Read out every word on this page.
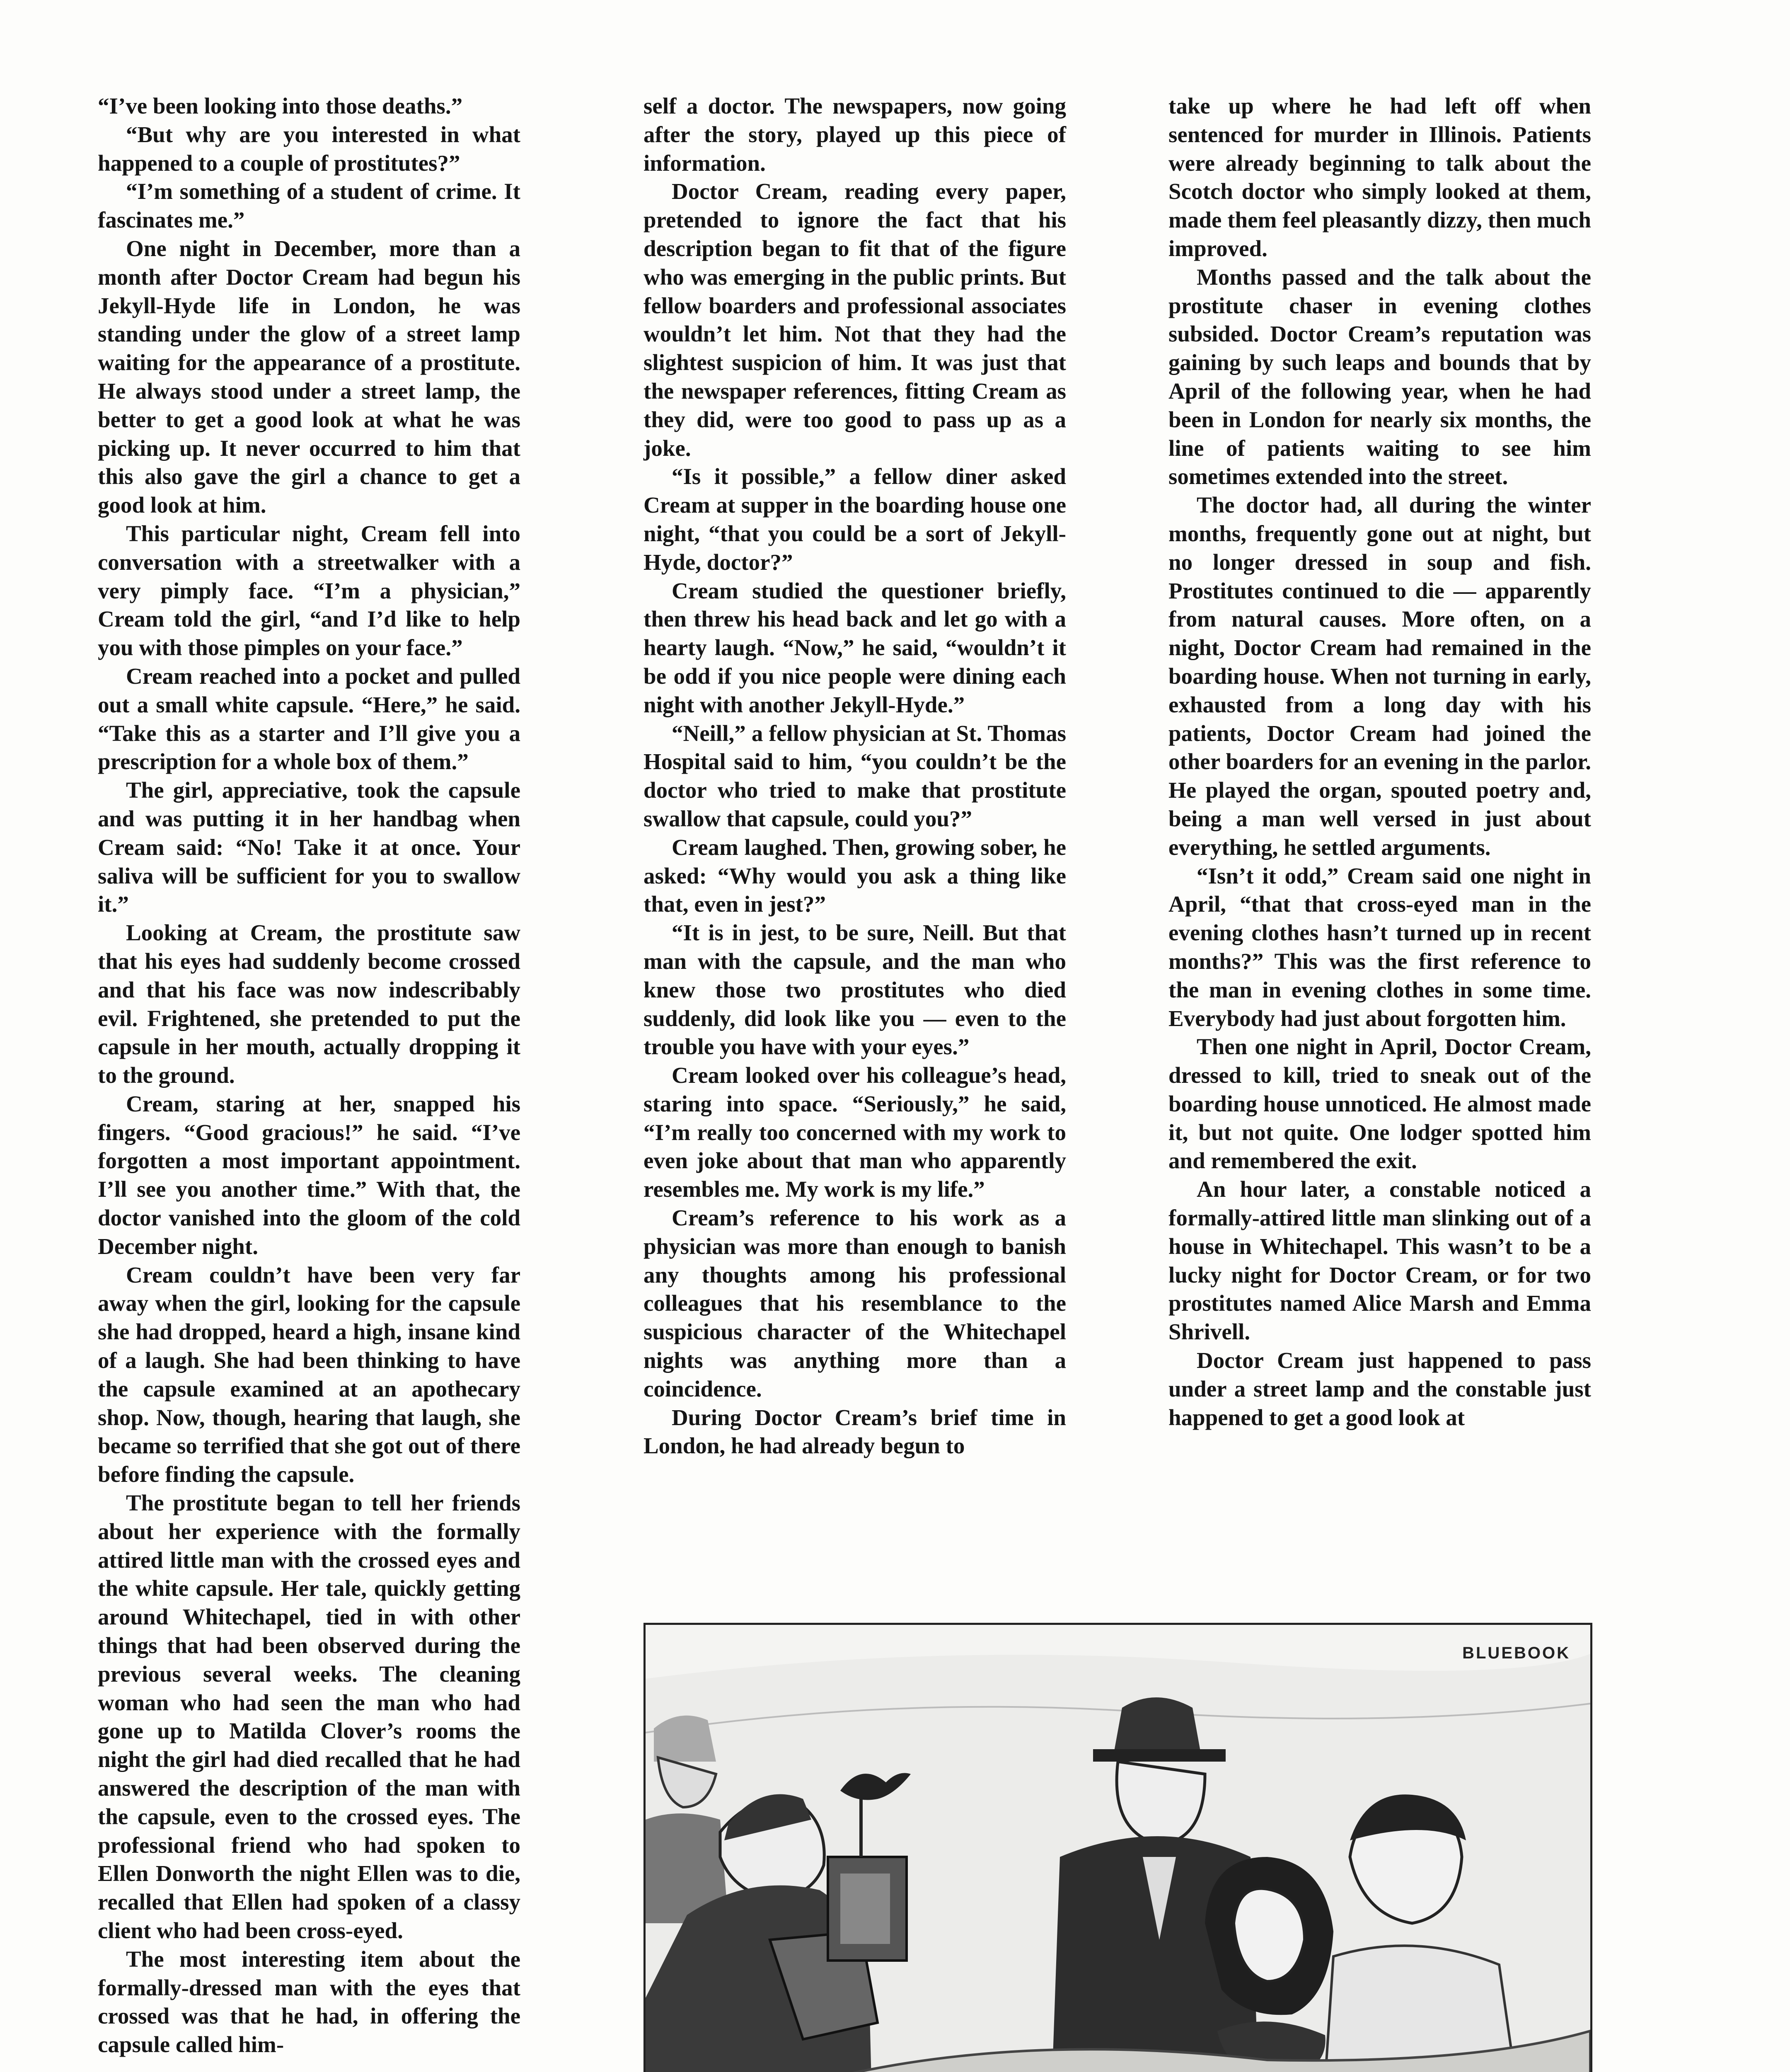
“I’ve been looking into those deaths.”

“But why are you interested in what happened to a couple of prostitutes?”

“I’m something of a student of crime. It fascinates me.”

One night in December, more than a month after Doctor Cream had begun his Jekyll-Hyde life in London, he was standing under the glow of a street lamp waiting for the appearance of a prostitute. He always stood under a street lamp, the better to get a good look at what he was picking up. It never occurred to him that this also gave the girl a chance to get a good look at him.

This particular night, Cream fell into conversation with a streetwalker with a very pimply face. “I’m a physician,” Cream told the girl, “and I’d like to help you with those pimples on your face.”

Cream reached into a pocket and pulled out a small white capsule. “Here,” he said. “Take this as a starter and I’ll give you a prescription for a whole box of them.”

The girl, appreciative, took the capsule and was putting it in her handbag when Cream said: “No! Take it at once. Your saliva will be sufficient for you to swallow it.”

Looking at Cream, the prostitute saw that his eyes had suddenly become crossed and that his face was now indescribably evil. Frightened, she pretended to put the capsule in her mouth, actually dropping it to the ground.

Cream, staring at her, snapped his fingers. “Good gracious!” he said. “I’ve forgotten a most important appointment. I’ll see you another time.” With that, the doctor vanished into the gloom of the cold December night.

Cream couldn’t have been very far away when the girl, looking for the capsule she had dropped, heard a high, insane kind of a laugh. She had been thinking to have the capsule examined at an apothecary shop. Now, though, hearing that laugh, she became so terrified that she got out of there before finding the capsule.

The prostitute began to tell her friends about her experience with the formally attired little man with the crossed eyes and the white capsule. Her tale, quickly getting around Whitechapel, tied in with other things that had been observed during the previous several weeks. The cleaning woman who had seen the man who had gone up to Matilda Clover’s rooms the night the girl had died recalled that he had answered the description of the man with the capsule, even to the crossed eyes. The professional friend who had spoken to Ellen Donworth the night Ellen was to die, recalled that Ellen had spoken of a classy client who had been cross-eyed.

The most interesting item about the formally-dressed man with the eyes that crossed was that he had, in offering the capsule called him-

self a doctor. The newspapers, now going after the story, played up this piece of information.

Doctor Cream, reading every paper, pretended to ignore the fact that his description began to fit that of the figure who was emerging in the public prints. But fellow boarders and professional associates wouldn’t let him. Not that they had the slightest suspicion of him. It was just that the newspaper references, fitting Cream as they did, were too good to pass up as a joke.

“Is it possible,” a fellow diner asked Cream at supper in the boarding house one night, “that you could be a sort of Jekyll-Hyde, doctor?”

Cream studied the questioner briefly, then threw his head back and let go with a hearty laugh. “Now,” he said, “wouldn’t it be odd if you nice people were dining each night with another Jekyll-Hyde.”

“Neill,” a fellow physician at St. Thomas Hospital said to him, “you couldn’t be the doctor who tried to make that prostitute swallow that capsule, could you?”

Cream laughed. Then, growing sober, he asked: “Why would you ask a thing like that, even in jest?”

“It is in jest, to be sure, Neill. But that man with the capsule, and the man who knew those two prostitutes who died suddenly, did look like you — even to the trouble you have with your eyes.”

Cream looked over his colleague’s head, staring into space. “Seriously,” he said, “I’m really too concerned with my work to even joke about that man who apparently resembles me. My work is my life.”

Cream’s reference to his work as a physician was more than enough to banish any thoughts among his professional colleagues that his resemblance to the suspicious character of the Whitechapel nights was anything more than a coincidence.

During Doctor Cream’s brief time in London, he had already begun to

take up where he had left off when sentenced for murder in Illinois. Patients were already beginning to talk about the Scotch doctor who simply looked at them, made them feel pleasantly dizzy, then much improved.

Months passed and the talk about the prostitute chaser in evening clothes subsided. Doctor Cream’s reputation was gaining by such leaps and bounds that by April of the following year, when he had been in London for nearly six months, the line of patients waiting to see him sometimes extended into the street.

The doctor had, all during the winter months, frequently gone out at night, but no longer dressed in soup and fish. Prostitutes continued to die — apparently from natural causes. More often, on a night, Doctor Cream had remained in the boarding house. When not turning in early, exhausted from a long day with his patients, Doctor Cream had joined the other boarders for an evening in the parlor. He played the organ, spouted poetry and, being a man well versed in just about everything, he settled arguments.

“Isn’t it odd,” Cream said one night in April, “that that cross-eyed man in the evening clothes hasn’t turned up in recent months?” This was the first reference to the man in evening clothes in some time. Everybody had just about forgotten him.

Then one night in April, Doctor Cream, dressed to kill, tried to sneak out of the boarding house unnoticed. He almost made it, but not quite. One lodger spotted him and remembered the exit.

An hour later, a constable noticed a formally-attired little man slinking out of a house in Whitechapel. This wasn’t to be a lucky night for Doctor Cream, or for two prostitutes named Alice Marsh and Emma Shrivell.

Doctor Cream just happened to pass under a street lamp and the constable just happened to get a good look at

BLUEBOOK
